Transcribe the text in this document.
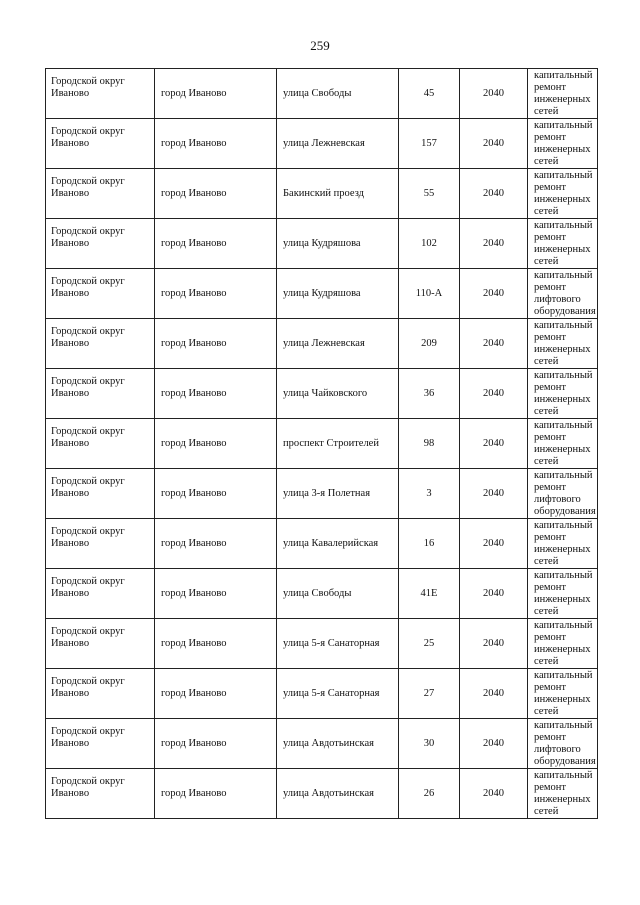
259
Городской округ Иваново	город Иваново	улица Свободы	45	2040	капитальный ремонт инженерных сетей

Городской округ Иваново	город Иваново	улица Лежневская	157	2040	капитальный ремонт инженерных сетей

Городской округ Иваново	город Иваново	Бакинский проезд	55	2040	капитальный ремонт инженерных сетей

Городской округ Иваново	город Иваново	улица Кудряшова	102	2040	капитальный ремонт инженерных сетей

Городской округ Иваново	город Иваново	улица Кудряшова	110-А	2040	капитальный ремонт лифтового оборудования

Городской округ Иваново	город Иваново	улица Лежневская	209	2040	капитальный ремонт инженерных сетей

Городской округ Иваново	город Иваново	улица Чайковского	36	2040	капитальный ремонт инженерных сетей

Городской округ Иваново	город Иваново	проспект Строителей	98	2040	капитальный ремонт инженерных сетей

Городской округ Иваново	город Иваново	улица 3-я Полетная	3	2040	капитальный ремонт лифтового оборудования

Городской округ Иваново	город Иваново	улица Кавалерийская	16	2040	капитальный ремонт инженерных сетей

Городской округ Иваново	город Иваново	улица Свободы	41Е	2040	капитальный ремонт инженерных сетей

Городской округ Иваново	город Иваново	улица 5-я Санаторная	25	2040	капитальный ремонт инженерных сетей

Городской округ Иваново	город Иваново	улица 5-я Санаторная	27	2040	капитальный ремонт инженерных сетей

Городской округ Иваново	город Иваново	улица Авдотьинская	30	2040	капитальный ремонт лифтового оборудования

Городской округ Иваново	город Иваново	улица Авдотьинская	26	2040	капитальный ремонт инженерных сетей
